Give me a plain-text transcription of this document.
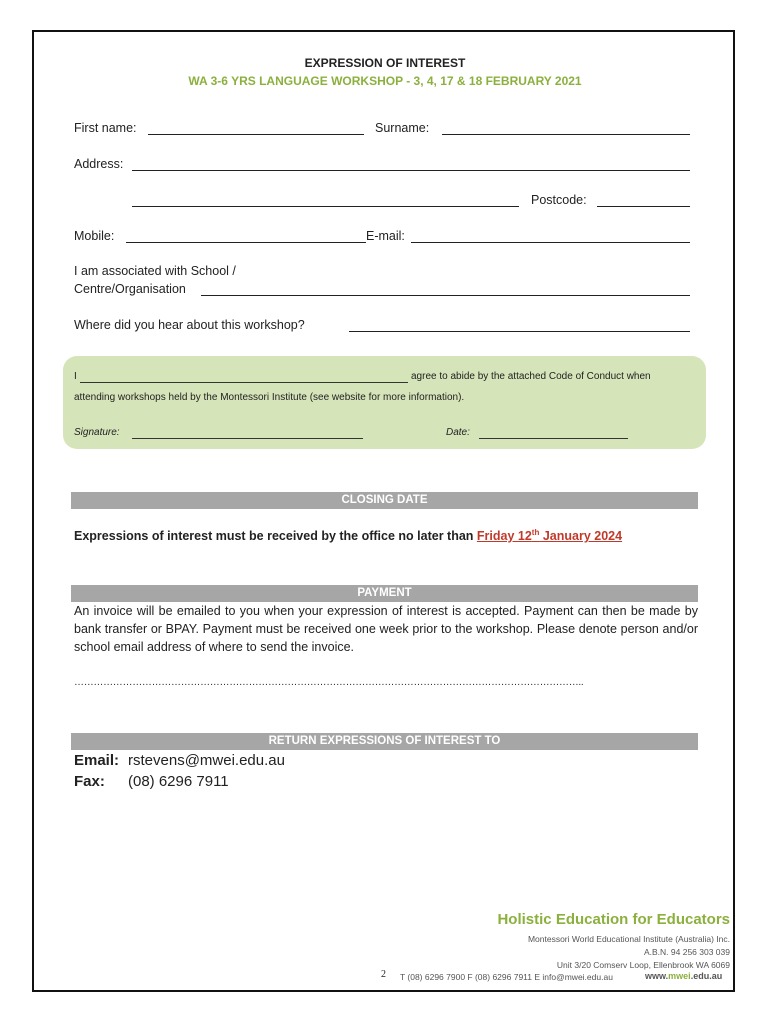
EXPRESSION OF INTEREST
WA 3-6 YRS LANGUAGE WORKSHOP - 3, 4, 17 & 18 FEBRUARY 2021
First name:	Surname:
Address:
Postcode:
Mobile:	E-mail:
I am associated with School /
Centre/Organisation
Where did you hear about this workshop?
I	agree to abide by the attached Code of Conduct when
attending workshops held by the Montessori Institute (see website for more information).
Signature:	Date:
CLOSING DATE
Expressions of interest must be received by the office no later than Friday 12th January 2024
PAYMENT
An invoice will be emailed to you when your expression of interest is accepted. Payment can then be made by bank transfer or BPAY. Payment must be received one week prior to the workshop. Please denote person and/or school email address of where to send the invoice.
…………………………………………………………………………………………………………………………………………..
RETURN EXPRESSIONS OF INTEREST TO
Email: rstevens@mwei.edu.au
Fax: (08) 6296 7911
Holistic Education for Educators
Montessori World Educational Institute (Australia) Inc.
A.B.N. 94 256 303 039
Unit 3/20 Comserv Loop, Ellenbrook WA 6069
2 T (08) 6296 7900 F (08) 6296 7911 E info@mwei.edu.au	www.mwei.edu.au
